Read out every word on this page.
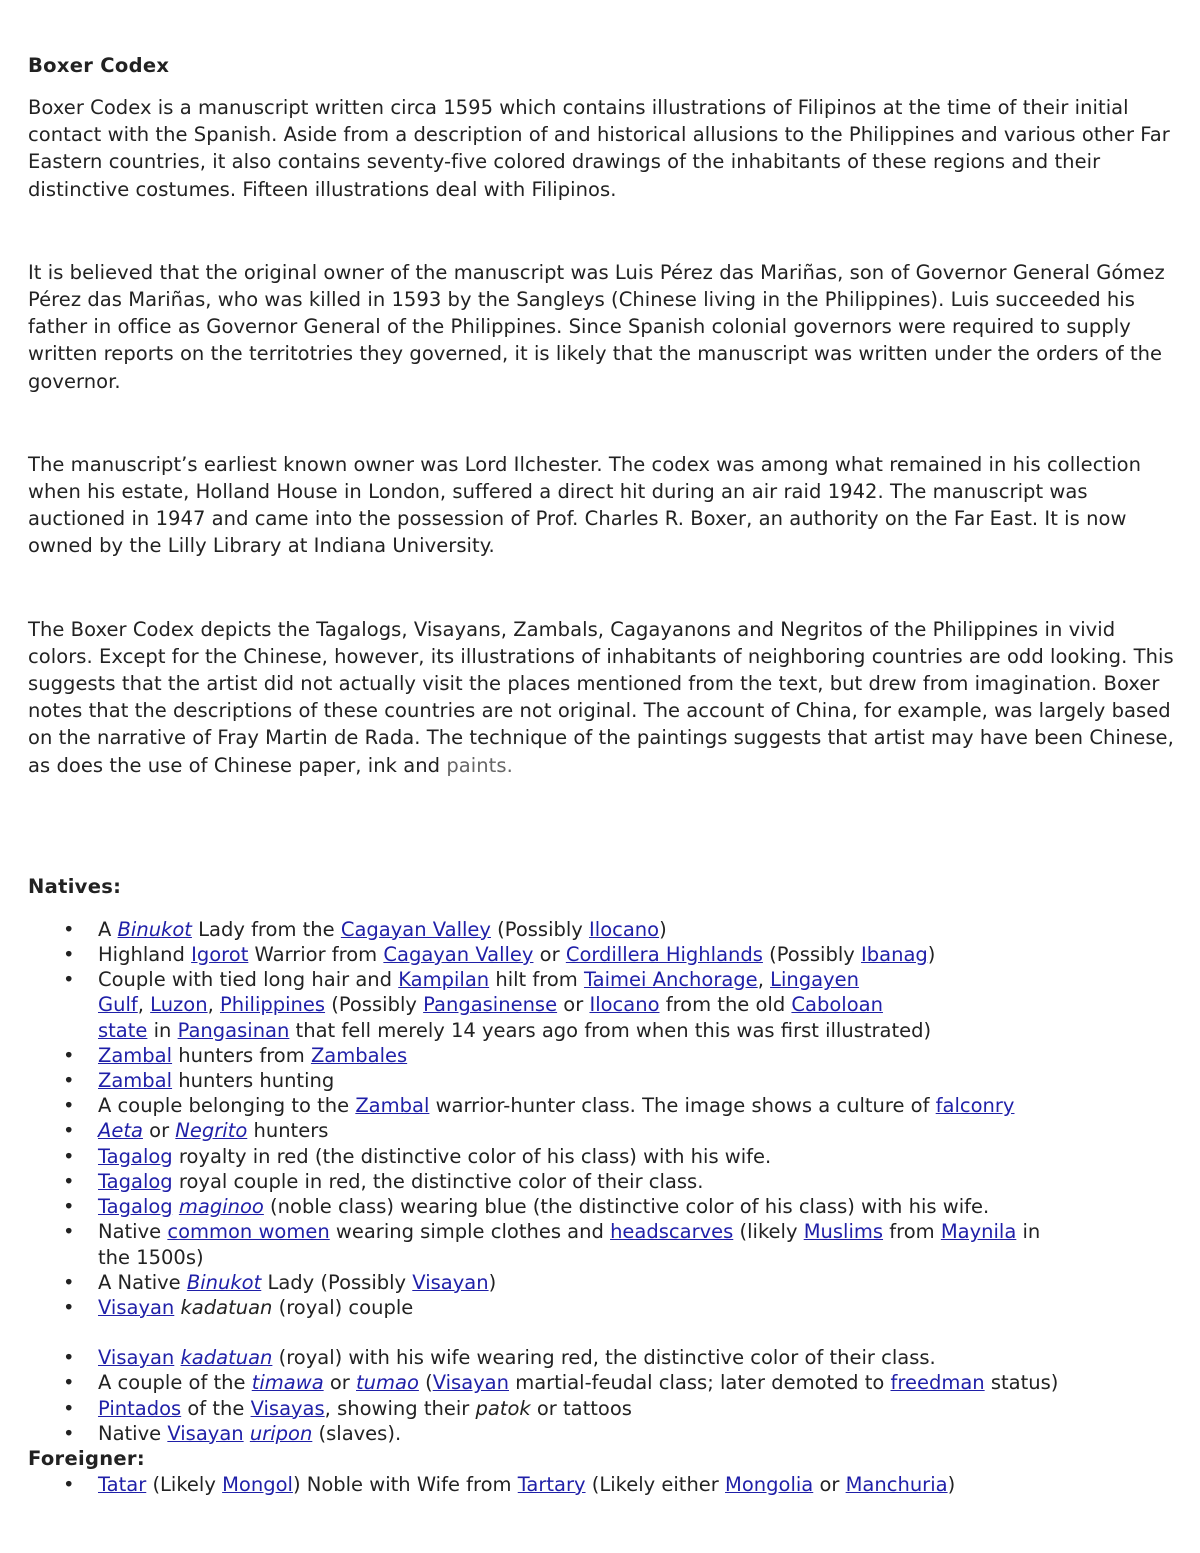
Boxer Codex

Boxer Codex is a manuscript written circa 1595 which contains illustrations of Filipinos at the time of their initial contact with the Spanish. Aside from a description of and historical allusions to the Philippines and various other Far Eastern countries, it also contains seventy-five colored drawings of the inhabitants of these regions and their distinctive costumes. Fifteen illustrations deal with Filipinos.

It is believed that the original owner of the manuscript was Luis Pérez das Mariñas, son of Governor General Gómez Pérez das Mariñas, who was killed in 1593 by the Sangleys (Chinese living in the Philippines). Luis succeeded his father in office as Governor General of the Philippines. Since Spanish colonial governors were required to supply written reports on the territotries they governed, it is likely that the manuscript was written under the orders of the governor.

The manuscript’s earliest known owner was Lord Ilchester. The codex was among what remained in his collection when his estate, Holland House in London, suffered a direct hit during an air raid 1942. The manuscript was auctioned in 1947 and came into the possession of Prof. Charles R. Boxer, an authority on the Far East. It is now owned by the Lilly Library at Indiana University.

The Boxer Codex depicts the Tagalogs, Visayans, Zambals, Cagayanons and Negritos of the Philippines in vivid colors. Except for the Chinese, however, its illustrations of inhabitants of neighboring countries are odd looking. This suggests that the artist did not actually visit the places mentioned from the text, but drew from imagination. Boxer notes that the descriptions of these countries are not original. The account of China, for example, was largely based on the narrative of Fray Martin de Rada. The technique of the paintings suggests that artist may have been Chinese, as does the use of Chinese paper, ink and paints.

Natives:
• A Binukot Lady from the Cagayan Valley (Possibly Ilocano)
• Highland Igorot Warrior from Cagayan Valley or Cordillera Highlands (Possibly Ibanag)
• Couple with tied long hair and Kampilan hilt from Taimei Anchorage, Lingayen
Gulf, Luzon, Philippines (Possibly Pangasinense or Ilocano from the old Caboloan
state in Pangasinan that fell merely 14 years ago from when this was first illustrated)
• Zambal hunters from Zambales
• Zambal hunters hunting
• A couple belonging to the Zambal warrior-hunter class. The image shows a culture of falconry
• Aeta or Negrito hunters
• Tagalog royalty in red (the distinctive color of his class) with his wife.
• Tagalog royal couple in red, the distinctive color of their class.
• Tagalog maginoo (noble class) wearing blue (the distinctive color of his class) with his wife.
• Native common women wearing simple clothes and headscarves (likely Muslims from Maynila in
the 1500s)
• A Native Binukot Lady (Possibly Visayan)
• Visayan kadatuan (royal) couple
• Visayan kadatuan (royal) with his wife wearing red, the distinctive color of their class.
• A couple of the timawa or tumao (Visayan martial-feudal class; later demoted to freedman status)
• Pintados of the Visayas, showing their patok or tattoos
• Native Visayan uripon (slaves).
Foreigner:
• Tatar (Likely Mongol) Noble with Wife from Tartary (Likely either Mongolia or Manchuria)
